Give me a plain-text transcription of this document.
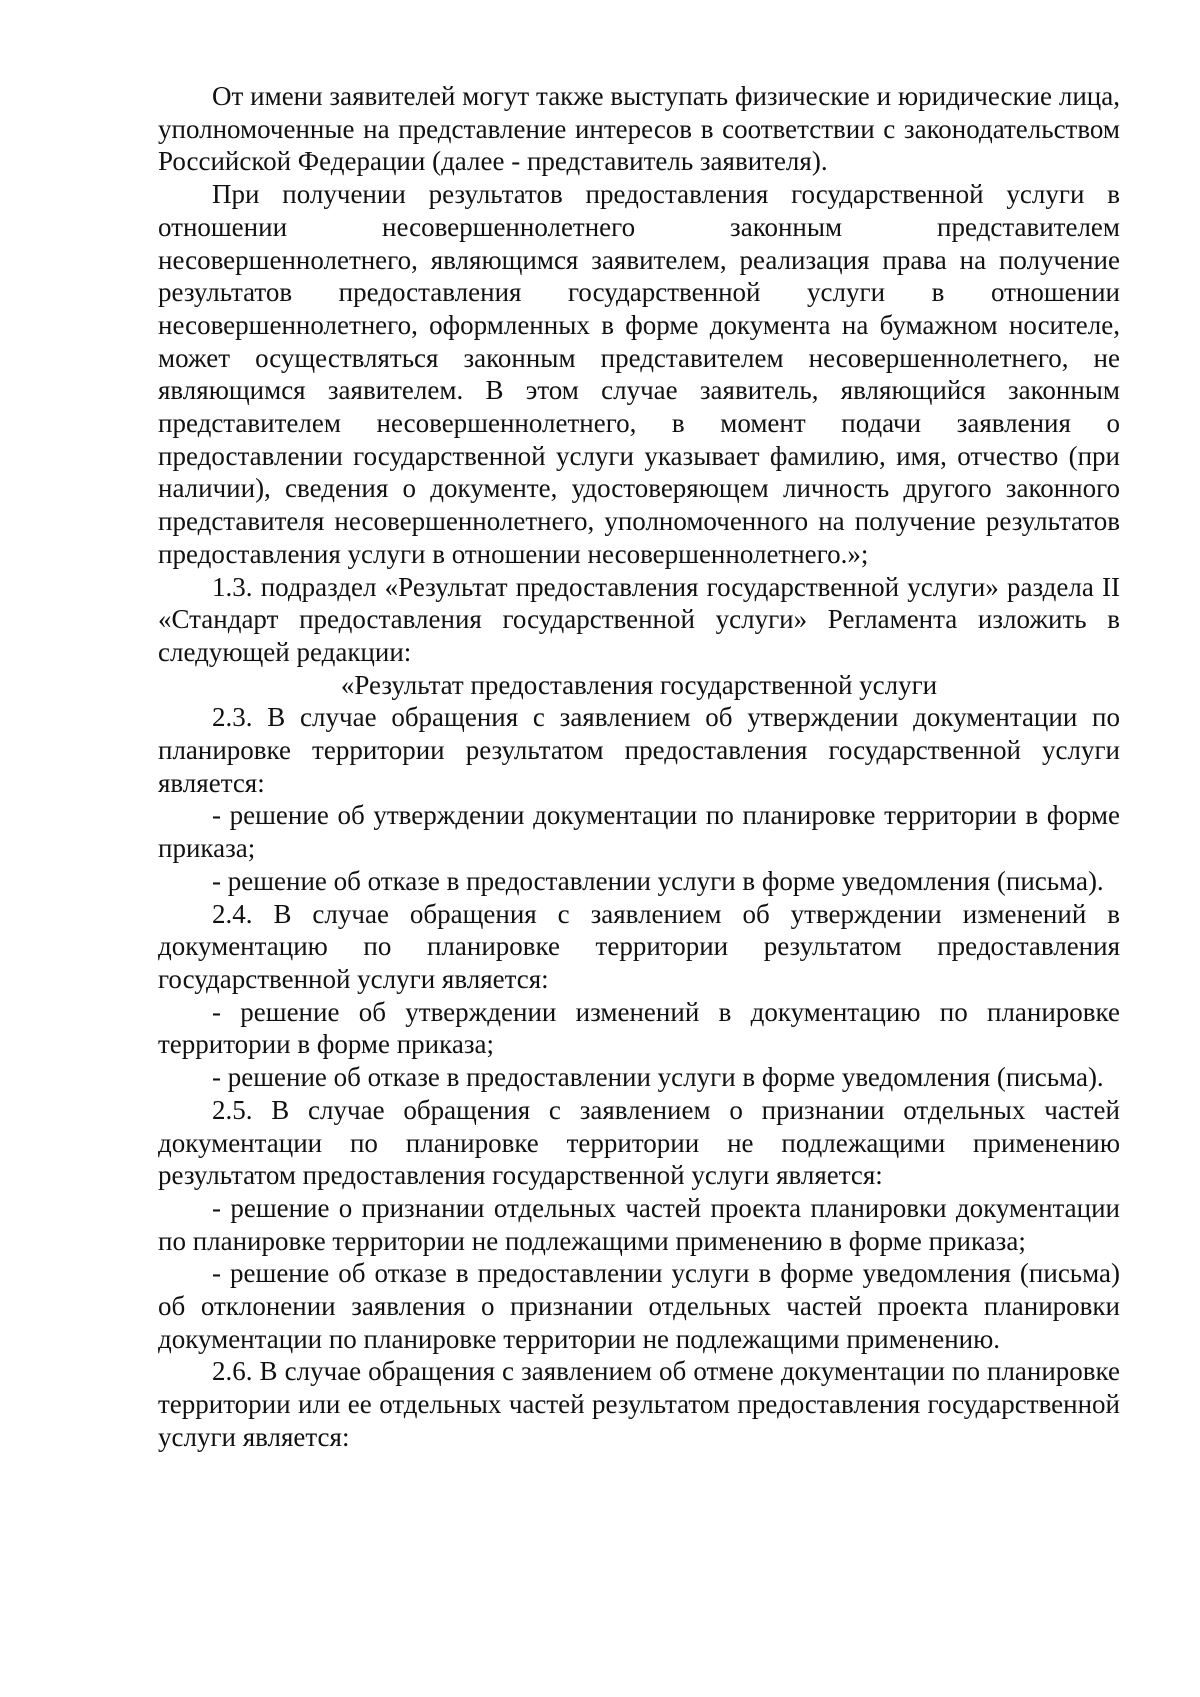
От имени заявителей могут также выступать физические и юридические лица, уполномоченные на представление интересов в соответствии с законодательством Российской Федерации (далее - представитель заявителя).

При получении результатов предоставления государственной услуги в отношении несовершеннолетнего законным представителем несовершеннолетнего, являющимся заявителем, реализация права на получение результатов предоставления государственной услуги в отношении несовершеннолетнего, оформленных в форме документа на бумажном носителе, может осуществляться законным представителем несовершеннолетнего, не являющимся заявителем. В этом случае заявитель, являющийся законным представителем несовершеннолетнего, в момент подачи заявления о предоставлении государственной услуги указывает фамилию, имя, отчество (при наличии), сведения о документе, удостоверяющем личность другого законного представителя несовершеннолетнего, уполномоченного на получение результатов предоставления услуги в отношении несовершеннолетнего.»;

1.3. подраздел «Результат предоставления государственной услуги» раздела II «Стандарт предоставления государственной услуги» Регламента изложить в следующей редакции:

«Результат предоставления государственной услуги

2.3. В случае обращения с заявлением об утверждении документации по планировке территории результатом предоставления государственной услуги является:

- решение об утверждении документации по планировке территории в форме приказа;

- решение об отказе в предоставлении услуги в форме уведомления (письма).

2.4. В случае обращения с заявлением об утверждении изменений в документацию по планировке территории результатом предоставления государственной услуги является:

- решение об утверждении изменений в документацию по планировке территории в форме приказа;

- решение об отказе в предоставлении услуги в форме уведомления (письма).

2.5. В случае обращения с заявлением о признании отдельных частей документации по планировке территории не подлежащими применению результатом предоставления государственной услуги является:

- решение о признании отдельных частей проекта планировки документации по планировке территории не подлежащими применению в форме приказа;

- решение об отказе в предоставлении услуги в форме уведомления (письма) об отклонении заявления о признании отдельных частей проекта планировки документации по планировке территории не подлежащими применению.

2.6. В случае обращения с заявлением об отмене документации по планировке территории или ее отдельных частей результатом предоставления государственной услуги является:
